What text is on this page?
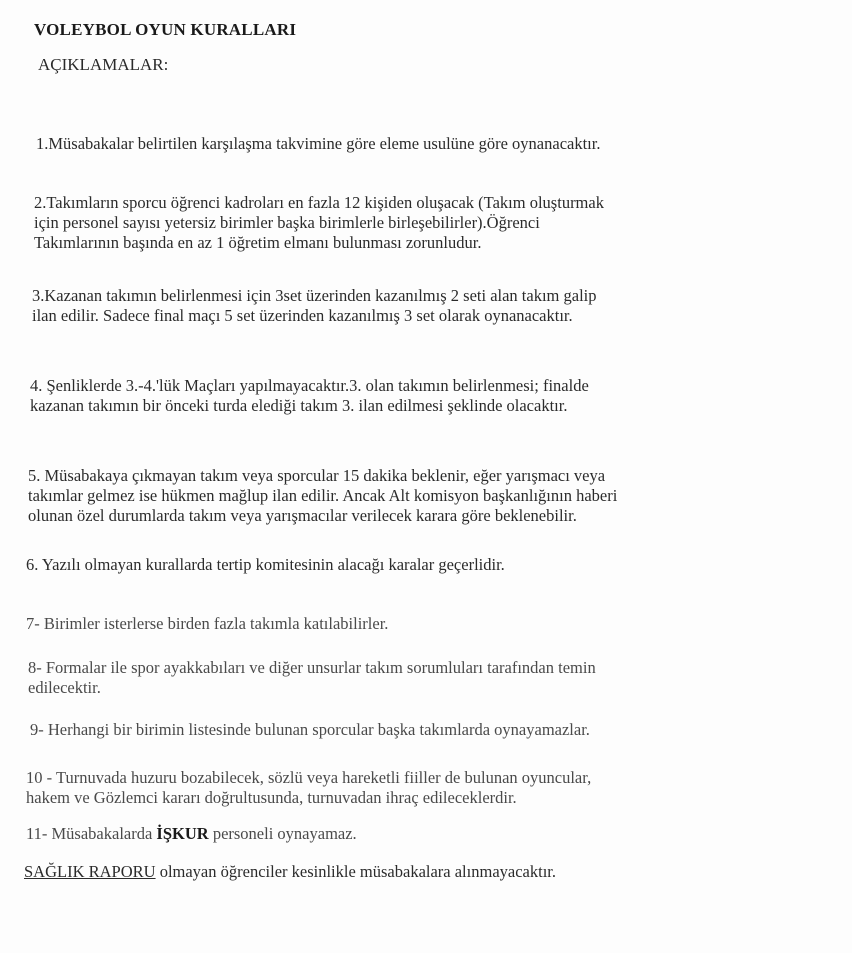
VOLEYBOL OYUN KURALLARI
AÇIKLAMALAR:
1.Müsabakalar belirtilen karşılaşma takvimine göre eleme usulüne göre oynanacaktır.
2.Takımların sporcu öğrenci kadroları en fazla 12 kişiden oluşacak (Takım oluşturmak
için personel sayısı yetersiz birimler başka birimlerle birleşebilirler).Öğrenci
Takımlarının başında en az 1 öğretim elmanı bulunması zorunludur.
3.Kazanan takımın belirlenmesi için 3set üzerinden kazanılmış 2 seti alan takım galip
ilan edilir. Sadece final maçı 5 set üzerinden kazanılmış 3 set olarak oynanacaktır.
4. Şenliklerde 3.-4.'lük Maçları yapılmayacaktır.3. olan takımın belirlenmesi; finalde
kazanan takımın bir önceki turda elediği takım 3. ilan edilmesi şeklinde olacaktır.
5. Müsabakaya çıkmayan takım veya sporcular 15 dakika beklenir, eğer yarışmacı veya
takımlar gelmez ise hükmen mağlup ilan edilir. Ancak Alt komisyon başkanlığının haberi
olunan özel durumlarda takım veya yarışmacılar verilecek karara göre beklenebilir.
6. Yazılı olmayan kurallarda tertip komitesinin alacağı karalar geçerlidir.
7- Birimler isterlerse birden fazla takımla katılabilirler.
8- Formalar ile spor ayakkabıları ve diğer unsurlar takım sorumluları tarafından temin
edilecektir.
9- Herhangi bir birimin listesinde bulunan sporcular başka takımlarda oynayamazlar.
10 - Turnuvada huzuru bozabilecek, sözlü veya hareketli fiiller de bulunan oyuncular,
hakem ve Gözlemci kararı doğrultusunda, turnuvadan ihraç edileceklerdir.
11- Müsabakalarda İŞKUR personeli oynayamaz.
SAĞLIK RAPORU olmayan öğrenciler kesinlikle müsabakalara alınmayacaktır.
